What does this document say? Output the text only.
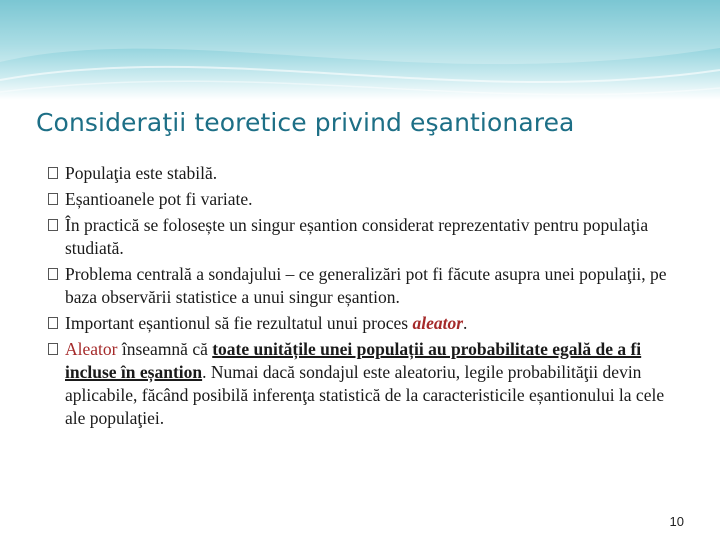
Consideraţii teoretice privind eşantionarea
Populaţia este stabilă.
Eșantioanele pot fi variate.
În practică se folosește un singur eșantion considerat reprezentativ pentru populaţia studiată.
Problema centrală a sondajului – ce generalizări pot fi făcute asupra unei populaţii, pe baza observării statistice a unui singur eșantion.
Important eșantionul să fie rezultatul unui proces aleator.
Aleator înseamnă că toate unitățile unei populații au probabilitate egală de a fi incluse în eșantion. Numai dacă sondajul este aleatoriu, legile probabilităţii devin aplicabile, făcând posibilă inferenţa statistică de la caracteristicile eșantionului la cele ale populaţiei.
10
